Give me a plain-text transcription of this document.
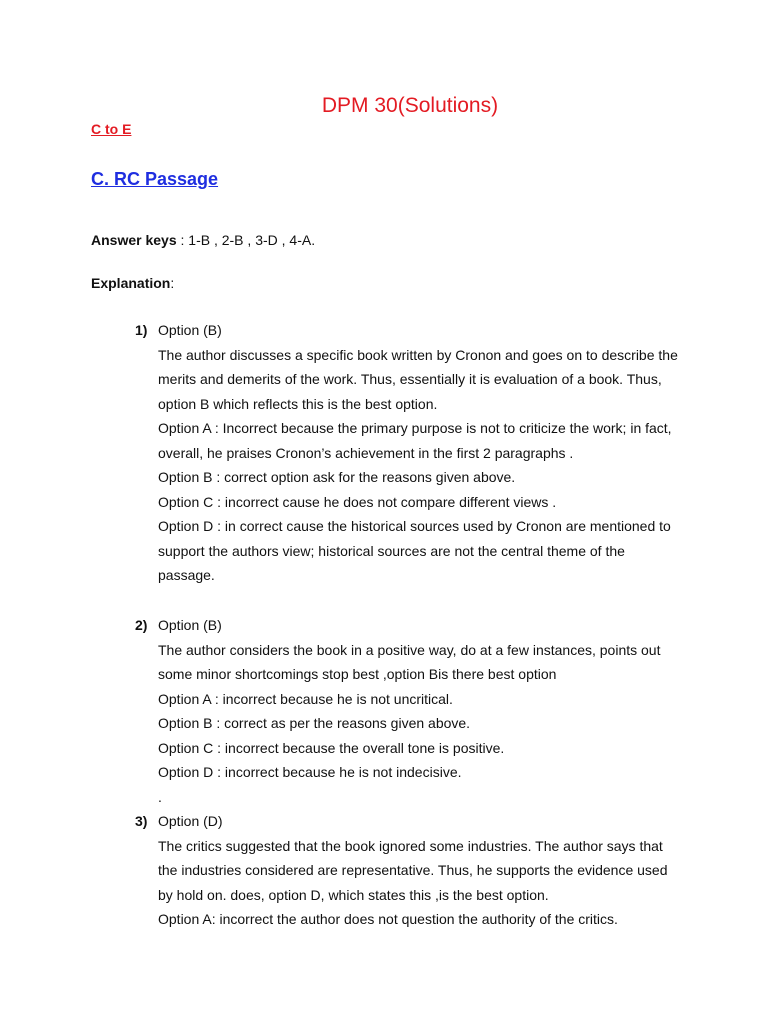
DPM 30(Solutions)
C to E
C. RC Passage
Answer keys : 1-B , 2-B , 3-D , 4-A.
Explanation:
1) Option (B)
The author discusses a specific book written by Cronon and goes on to describe the
merits and demerits of the work. Thus, essentially it is evaluation of a book. Thus,
option B which reflects this is the best option.
Option A : Incorrect because the primary purpose is not to criticize the work; in fact,
overall, he praises Cronon’s achievement in the first 2 paragraphs .
Option B : correct option ask for the reasons given above.
Option C : incorrect cause he does not compare different views .
Option D : in correct cause the historical sources used by Cronon are mentioned to
support the authors view; historical sources are not the central theme of the
passage.
2) Option (B)
The author considers the book in a positive way, do at a few instances, points out
some minor shortcomings stop best ,option Bis there best option
Option A : incorrect because he is not uncritical.
Option B : correct as per the reasons given above.
Option C : incorrect because the overall tone is positive.
Option D : incorrect because he is not indecisive.
.
3) Option (D)
The critics suggested that the book ignored some industries. The author says that
the industries considered are representative. Thus, he supports the evidence used
by hold on. does, option D, which states this ,is the best option.
Option A: incorrect the author does not question the authority of the critics.
